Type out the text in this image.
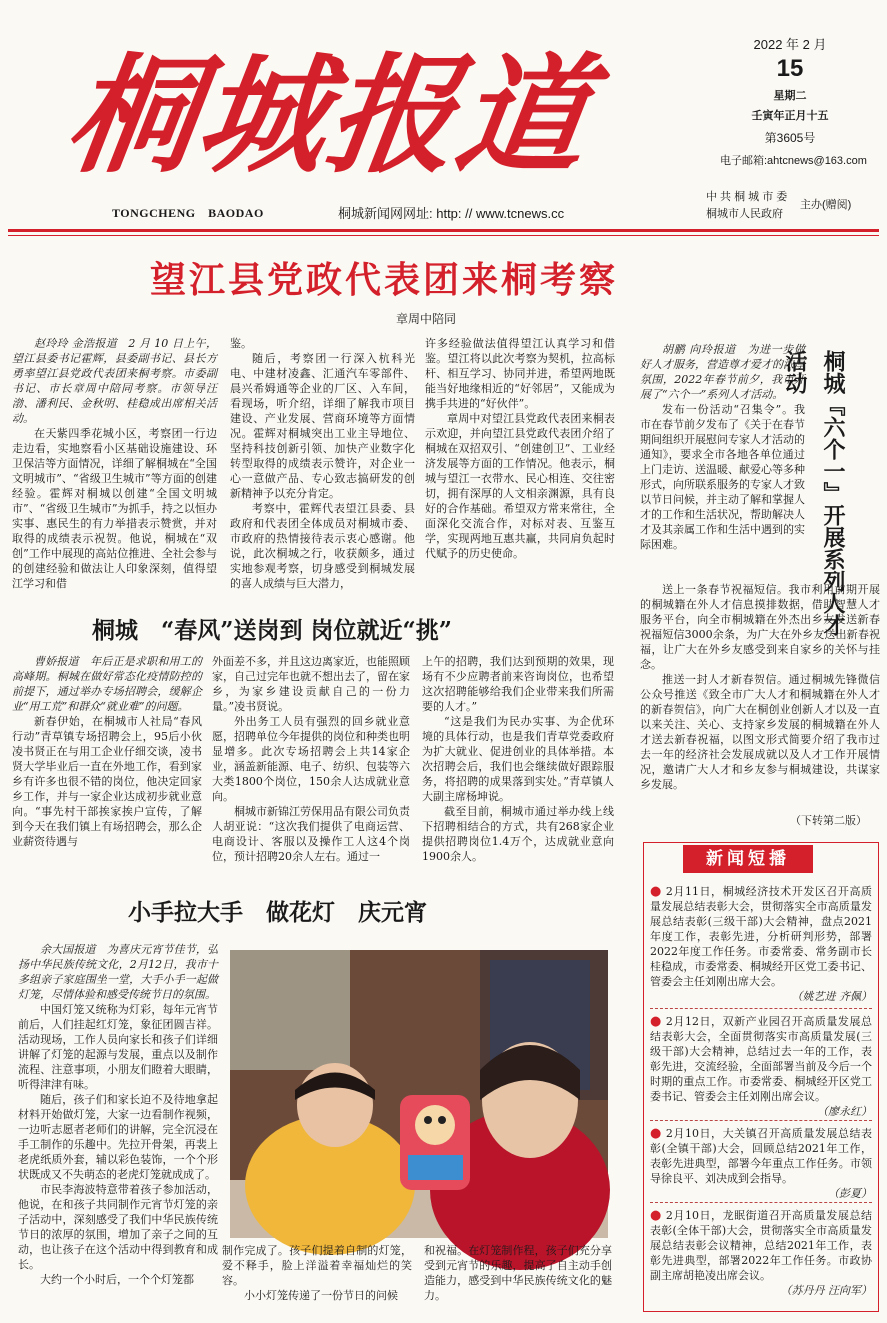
桐城报道
TONGCHENG　BAODAO	桐城新闻网网址: http: // www.tcnews.cc
2022 年 2 月
15
星期二
壬寅年正月十五
第3605号
电子邮箱:ahtcnews@163.com
中 共 桐 城 市 委
桐城市人民政府
主办(赠阅)
望江县党政代表团来桐考察
章周中陪同

赵玲玲 金浩报道　2 月 10 日上午，望江县委书记霍辉，县委副书记、县长方勇率望江县党政代表团来桐考察。市委副书记、市长章周中陪同考察。市领导汪渤、潘利民、金秋明、桂稳成出席相关活动。

在天紫四季花城小区，考察团一行边走边看，实地察看小区基础设施建设、环卫保洁等方面情况，详细了解桐城在“全国文明城市”、“省级卫生城市”等方面的创建经验。霍辉对桐城以创建“全国文明城市”、“省级卫生城市”为抓手，持之以恒办实事、惠民生的有力举措表示赞赏，并对取得的成绩表示祝贺。他说，桐城在“双创”工作中展现的高站位推进、全社会参与的创建经验和做法让人印象深刻，值得望江学习和借

鉴。

随后，考察团一行深入杭科光电、中建材凌鑫、汇通汽车零部件、晨兴希姆通等企业的厂区、入车间，看现场，听介绍，详细了解我市项目建设、产业发展、营商环境等方面情况。霍辉对桐城突出工业主导地位、坚持科技创新引领、加快产业数字化转型取得的成绩表示赞许，对企业一心一意做产品、专心致志搞研发的创新精神予以充分肯定。

考察中，霍辉代表望江县委、县政府和代表团全体成员对桐城市委、市政府的热情接待表示衷心感谢。他说，此次桐城之行，收获颇多，通过实地参观考察，切身感受到桐城发展的喜人成绩与巨大潜力，

许多经验做法值得望江认真学习和借鉴。望江将以此次考察为契机，拉高标杆、相互学习、协同并进，希望两地既能当好地缘相近的“好邻居”，又能成为携手共进的“好伙伴”。

章周中对望江县党政代表团来桐表示欢迎，并向望江县党政代表团介绍了桐城在双招双引、“创建创卫”、工业经济发展等方面的工作情况。他表示，桐城与望江一衣带水、民心相连、交往密切，拥有深厚的人文相亲渊源，具有良好的合作基础。希望双方常来常往，全面深化交流合作，对标对表、互鉴互学，实现两地互惠共赢，共同肩负起时代赋予的历史使命。

桐城　“春风”送岗到 岗位就近“挑”

曹娇报道　年后正是求职和用工的高峰期。桐城在做好常态化疫情防控的前提下，通过举办专场招聘会，缓解企业“用工荒”和群众“就业难”的问题。

新春伊始，在桐城市人社局“春风行动”青草镇专场招聘会上，95后小伙凌书贤正在与用工企业仔细交谈，凌书贤大学毕业后一直在外地工作，看到家乡有许多也很不错的岗位，他决定回家乡工作，并与一家企业达成初步就业意向。“事先村干部挨家挨户宣传，了解到今天在我们镇上有场招聘会，那么企业薪资待遇与

外面差不多，并且这边离家近，也能照顾家，自己过完年也就不想出去了，留在家乡，为家乡建设贡献自己的一份力量。”凌书贤说。

外出务工人员有强烈的回乡就业意愿，招聘单位今年提供的岗位和种类也明显增多。此次专场招聘会上共14家企业，涵盖新能源、电子、纺织、包装等六大类1800个岗位，150余人达成就业意向。

桐城市新锦江劳保用品有限公司负责人胡亚说：“这次我们提供了电商运营、电商设计、客服以及操作工人这4个岗位，预计招聘20余人左右。通过一

上午的招聘，我们达到预期的效果，现场有不少应聘者前来咨询岗位，也希望这次招聘能够给我们企业带来我们所需要的人才。”

“这是我们为民办实事、为企优环境的具体行动，也是我们青草党委政府为扩大就业、促进创业的具体举措。本次招聘会后，我们也会继续做好跟踪服务，将招聘的成果落到实处。”青草镇人大副主席杨坤说。

截至目前，桐城市通过举办线上线下招聘相结合的方式，共有268家企业提供招聘岗位1.4万个，达成就业意向1900余人。

小手拉大手　做花灯　庆元宵

余大国报道　为喜庆元宵节佳节，弘扬中华民族传统文化，2月12日，我市十多组亲子家庭围坐一堂，大手小手一起做灯笼，尽情体验和感受传统节日的氛围。

中国灯笼又统称为灯彩，每年元宵节前后，人们挂起红灯笼，象征团圆吉祥。活动现场，工作人员向家长和孩子们详细讲解了灯笼的起源与发展，重点以及制作流程、注意事项，小朋友们瞪着大眼睛，听得津津有味。

随后，孩子们和家长迫不及待地拿起材料开始做灯笼，大家一边看制作视频，一边听志愿者老师们的讲解，完全沉浸在手工制作的乐趣中。先拉开骨架，再裴上老虎纸质外套，辅以彩色装饰，一个个形状既成又不失萌态的老虎灯笼就成成了。

市民李海波特意带着孩子参加活动，他说，在和孩子共同制作元宵节灯笼的亲子活动中，深刻感受了我们中华民族传统节日的浓厚的氛围，增加了亲子之间的互动，也让孩子在这个活动中得到教育和成长。

大约一个小时后，一个个灯笼都

制作完成了。孩子们提着自制的灯笼，爱不释手，脸上洋溢着幸福灿烂的笑容。

小小灯笼传递了一份节日的问候

和祝福。在灯笼制作程，孩子们充分享受到元宵节的乐趣，提高了自主动手创造能力，感受到中华民族传统文化的魅力。

桐城『六个一』开展系列人才活动

胡鹏 向玲报道　为进一步做好人才服务，营造尊才爱才的浓厚氛围，2022年春节前夕，我市开展了“六个一”系列人才活动。

发布一份活动“召集令”。我市在春节前夕发布了《关于在春节期间组织开展慰问专家人才活动的通知》，要求全市各地各单位通过上门走访、送温暖、献爱心等多种形式，向所联系服务的专家人才致以节日问候，并主动了解和掌握人才的工作和生活状况，帮助解决人才及其亲属工作和生活中遇到的实际困难。

送上一条春节祝福短信。我市利用前期开展的桐城籍在外人才信息摸排数据，借助智慧人才服务平台，向全市桐城籍在外杰出乡友发送新春祝福短信3000余条，为广大在外乡友送出新春祝福，让广大在外乡友感受到来自家乡的关怀与挂念。

推送一封人才新春贺信。通过桐城先锋微信公众号推送《致全市广大人才和桐城籍在外人才的新春贺信》，向广大在桐创业创新人才以及一直以来关注、关心、支持家乡发展的桐城籍在外人才送去新春祝福，以图文形式简要介绍了我市过去一年的经济社会发展成就以及人才工作开展情况，邀请广大人才和乡友参与桐城建设，共谋家乡发展。

（下转第二版）
新闻短播
● 2月11日，桐城经济技术开发区召开高质量发展总结表彰大会，贯彻落实全市高质量发展总结表彰(三级干部)大会精神，盘点2021年度工作，表彰先进，分析研判形势，部署2022年度工作任务。市委常委、常务副市长桂稳成，市委常委、桐城经开区党工委书记、管委会主任刘刚出席大会。
（姚艺进 齐佩）
● 2月12日，双新产业园召开高质量发展总结表彰大会，全面贯彻落实市高质量发展(三级干部)大会精神，总结过去一年的工作，表彰先进，交流经验，全面部署当前及今后一个时期的重点工作。市委常委、桐城经开区党工委书记、管委会主任刘刚出席会议。
（廖永红）
● 2月10日，大关镇召开高质量发展总结表彰(全镇干部)大会，回顾总结2021年工作，表彰先进典型，部署今年重点工作任务。市领导徐良平、刘决成到会指导。
（彭夏）
● 2月10日，龙眠街道召开高质量发展总结表彰(全体干部)大会，贯彻落实全市高质量发展总结表彰会议精神，总结2021年工作，表彰先进典型，部署2022年工作任务。市政协副主席胡艳凌出席会议。
（苏丹丹 汪向军）
